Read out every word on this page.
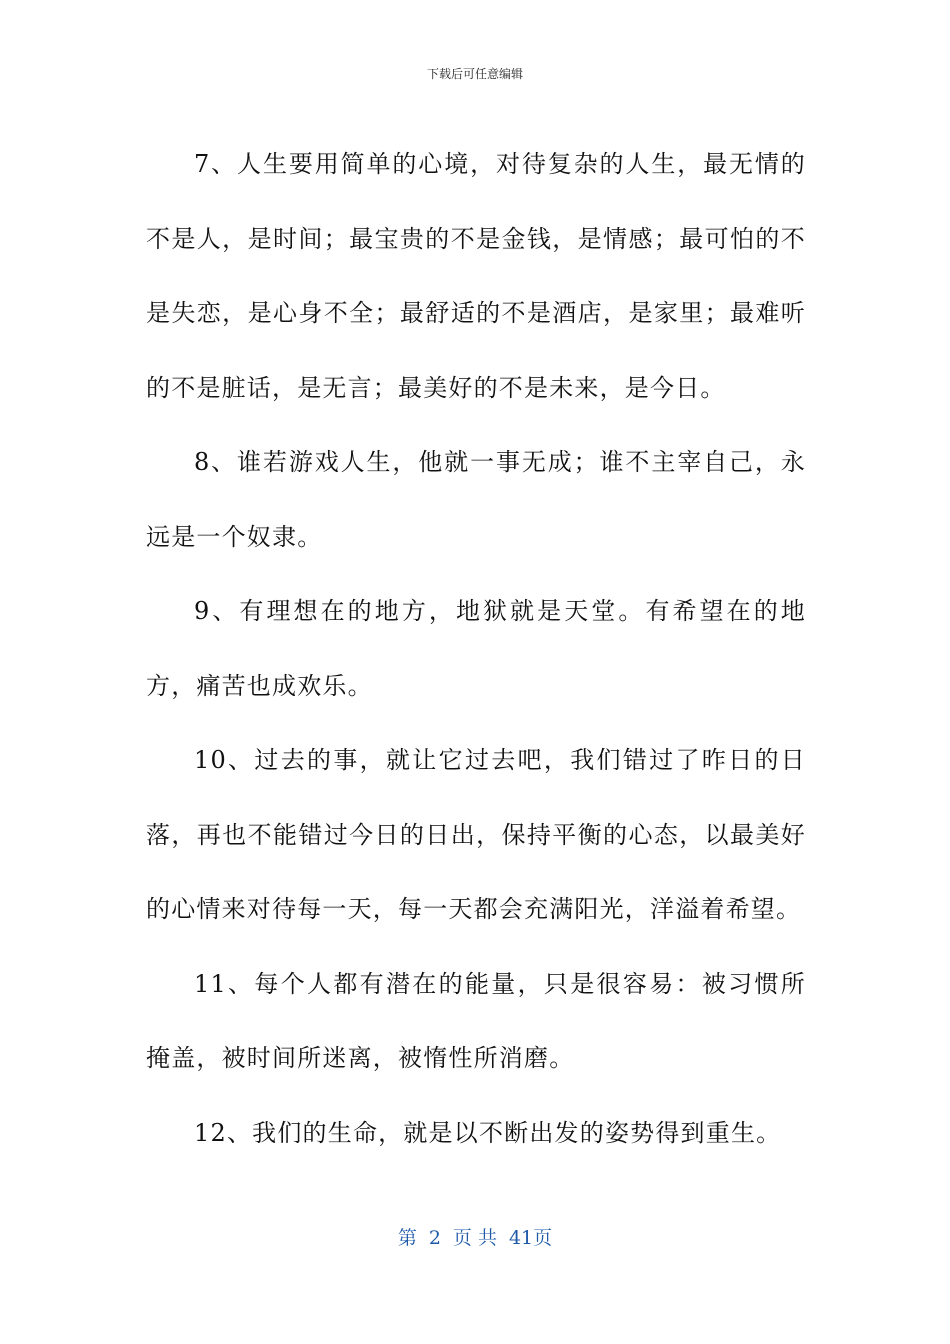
下载后可任意编辑

7、人生要用简单的心境，对待复杂的人生，最无情的不是人，是时间；最宝贵的不是金钱，是情感；最可怕的不是失恋，是心身不全；最舒适的不是酒店，是家里；最难听的不是脏话，是无言；最美好的不是未来，是今日。

8、谁若游戏人生，他就一事无成；谁不主宰自己，永远是一个奴隶。

9、有理想在的地方，地狱就是天堂。有希望在的地方，痛苦也成欢乐。

10、过去的事，就让它过去吧，我们错过了昨日的日落，再也不能错过今日的日出，保持平衡的心态，以最美好的心情来对待每一天，每一天都会充满阳光，洋溢着希望。

11、每个人都有潜在的能量，只是很容易：被习惯所掩盖，被时间所迷离，被惰性所消磨。

12、我们的生命，就是以不断出发的姿势得到重生。

第 2 页 共 41页
